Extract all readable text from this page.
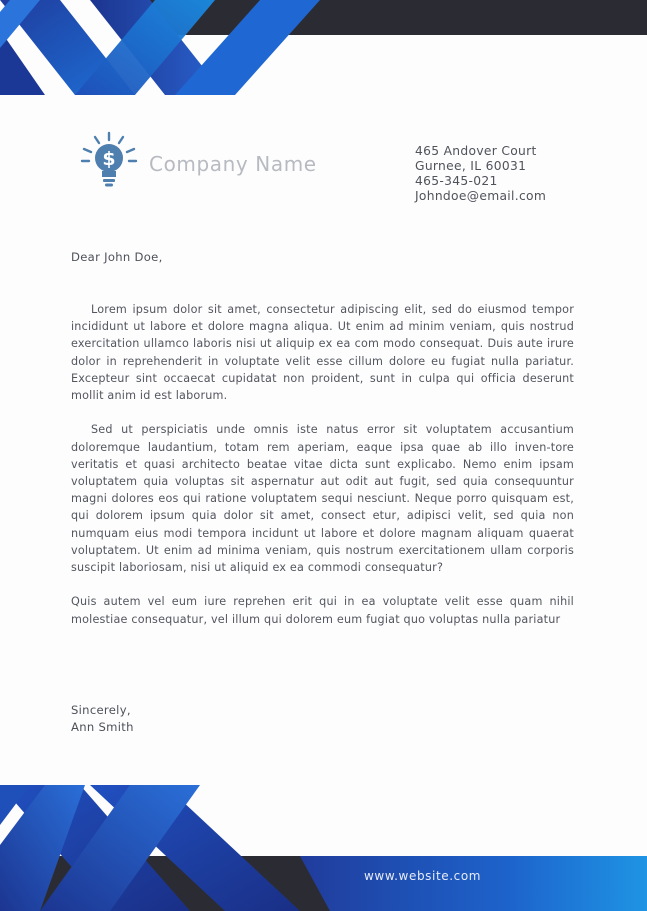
$ Company Name
465 Andover Court
Gurnee, IL 60031
465-345-021
Johndoe@email.com
Dear John Doe,

Lorem ipsum dolor sit amet, consectetur adipiscing elit, sed do eiusmod tempor incididunt ut labore et dolore magna aliqua. Ut enim ad minim veniam, quis nostrud exercitation ullamco laboris nisi ut aliquip ex ea com modo consequat. Duis aute irure dolor in reprehenderit in voluptate velit esse cillum dolore eu fugiat nulla pariatur. Excepteur sint occaecat cupidatat non proident, sunt in culpa qui officia deserunt mollit anim id est laborum.

Sed ut perspiciatis unde omnis iste natus error sit voluptatem accusantium doloremque laudantium, totam rem aperiam, eaque ipsa quae ab illo inven-tore veritatis et quasi architecto beatae vitae dicta sunt explicabo. Nemo enim ipsam voluptatem quia voluptas sit aspernatur aut odit aut fugit, sed quia consequuntur magni dolores eos qui ratione voluptatem sequi nesciunt. Neque porro quisquam est, qui dolorem ipsum quia dolor sit amet, consect etur, adipisci velit, sed quia non numquam eius modi tempora incidunt ut labore et dolore magnam aliquam quaerat voluptatem. Ut enim ad minima veniam, quis nostrum exercitationem ullam corporis suscipit laboriosam, nisi ut aliquid ex ea commodi consequatur?

Quis autem vel eum iure reprehen erit qui in ea voluptate velit esse quam nihil molestiae consequatur, vel illum qui dolorem eum fugiat quo voluptas nulla pariatur

Sincerely,
Ann Smith
www.website.com
